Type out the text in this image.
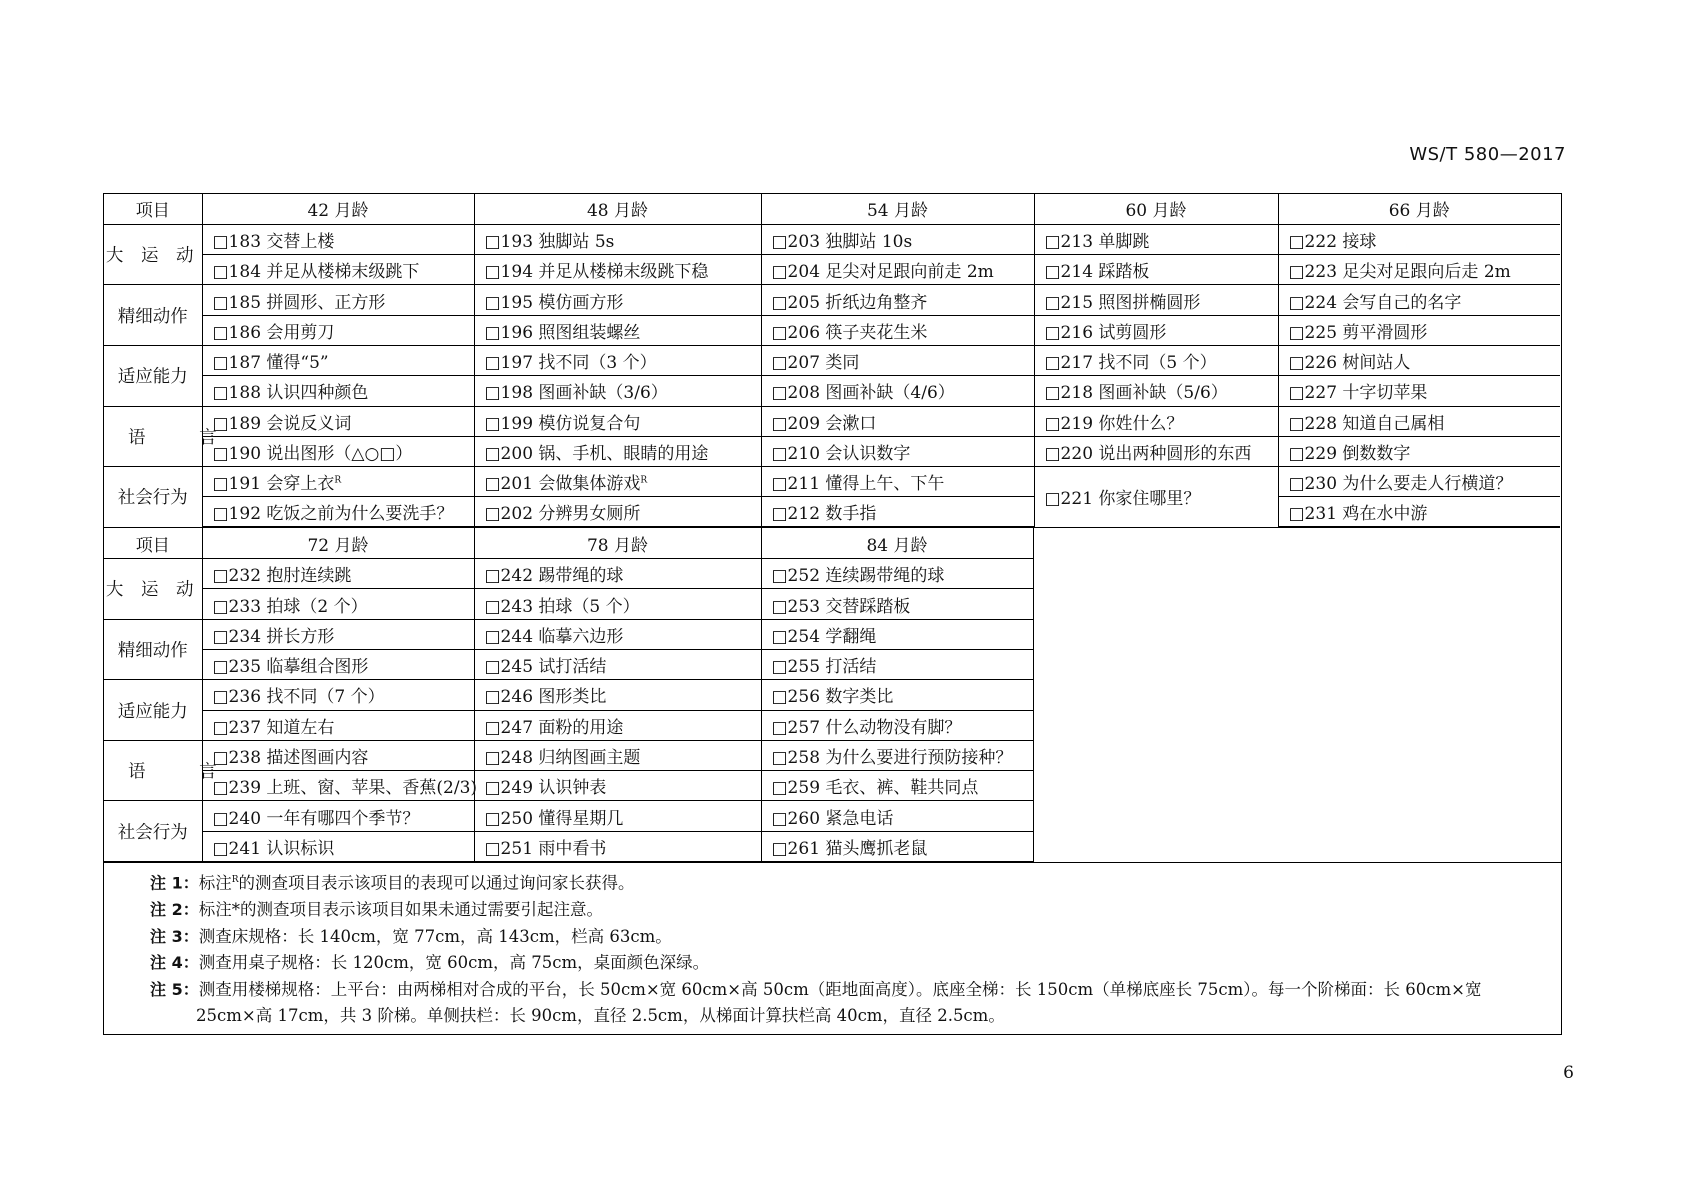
WS/T 580—2017
项目	42 月龄	48 月龄	54 月龄	60 月龄	66 月龄
大 运 动	□183 交替上楼	□193 独脚站 5s	□203 独脚站 10s	□213 单脚跳	□222 接球
	□184 并足从楼梯末级跳下	□194 并足从楼梯末级跳下稳	□204 足尖对足跟向前走 2m	□214 踩踏板	□223 足尖对足跟向后走 2m
精细动作	□185 拼圆形、正方形	□195 模仿画方形	□205 折纸边角整齐	□215 照图拼椭圆形	□224 会写自己的名字
	□186 会用剪刀	□196 照图组装螺丝	□206 筷子夹花生米	□216 试剪圆形	□225 剪平滑圆形
适应能力	□187 懂得“5”	□197 找不同（3 个）	□207 类同	□217 找不同（5 个）	□226 树间站人
	□188 认识四种颜色	□198 图画补缺（3/6）	□208 图画补缺（4/6）	□218 图画补缺（5/6）	□227 十字切苹果
语 言	□189 会说反义词	□199 模仿说复合句	□209 会漱口	□219 你姓什么？	□228 知道自己属相
	□190 说出图形（△○□）	□200 锅、手机、眼睛的用途	□210 会认识数字	□220 说出两种圆形的东西	□229 倒数数字
社会行为	□191 会穿上衣$^R$	□201 会做集体游戏$^R$	□211 懂得上午、下午	□221 你家住哪里？	□230 为什么要走人行横道？
	□192 吃饭之前为什么要洗手？	□202 分辨男女厕所	□212 数手指		□231 鸡在水中游
项目	72 月龄	78 月龄	84 月龄
大 运 动	□232 抱肘连续跳	□242 踢带绳的球	□252 连续踢带绳的球
	□233 拍球（2 个）	□243 拍球（5 个）	□253 交替踩踏板
精细动作	□234 拼长方形	□244 临摹六边形	□254 学翻绳
	□235 临摹组合图形	□245 试打活结	□255 打活结
适应能力	□236 找不同（7 个）	□246 图形类比	□256 数字类比
	□237 知道左右	□247 面粉的用途	□257 什么动物没有脚？
语 言	□238 描述图画内容	□248 归纳图画主题	□258 为什么要进行预防接种？
	□239 上班、窗、苹果、香蕉(2/3)	□249 认识钟表	□259 毛衣、裤、鞋共同点
社会行为	□240 一年有哪四个季节？	□250 懂得星期几	□260 紧急电话
	□241 认识标识	□251 雨中看书	□261 猫头鹰抓老鼠
注 1：标注$^R$的测查项目表示该项目的表现可以通过询问家长获得。
注 2：标注*的测查项目表示该项目如果未通过需要引起注意。
注 3：测查床规格：长 140cm，宽 77cm，高 143cm，栏高 63cm。
注 4：测查用桌子规格：长 120cm，宽 60cm，高 75cm，桌面颜色深绿。
注 5：测查用楼梯规格：上平台：由两梯相对合成的平台，长 50cm×宽 60cm×高 50cm（距地面高度）。底座全梯：长 150cm（单梯底座长 75cm）。每一个阶梯面：长 60cm×宽
25cm×高 17cm，共 3 阶梯。单侧扶栏：长 90cm，直径 2.5cm，从梯面计算扶栏高 40cm，直径 2.5cm。
6
